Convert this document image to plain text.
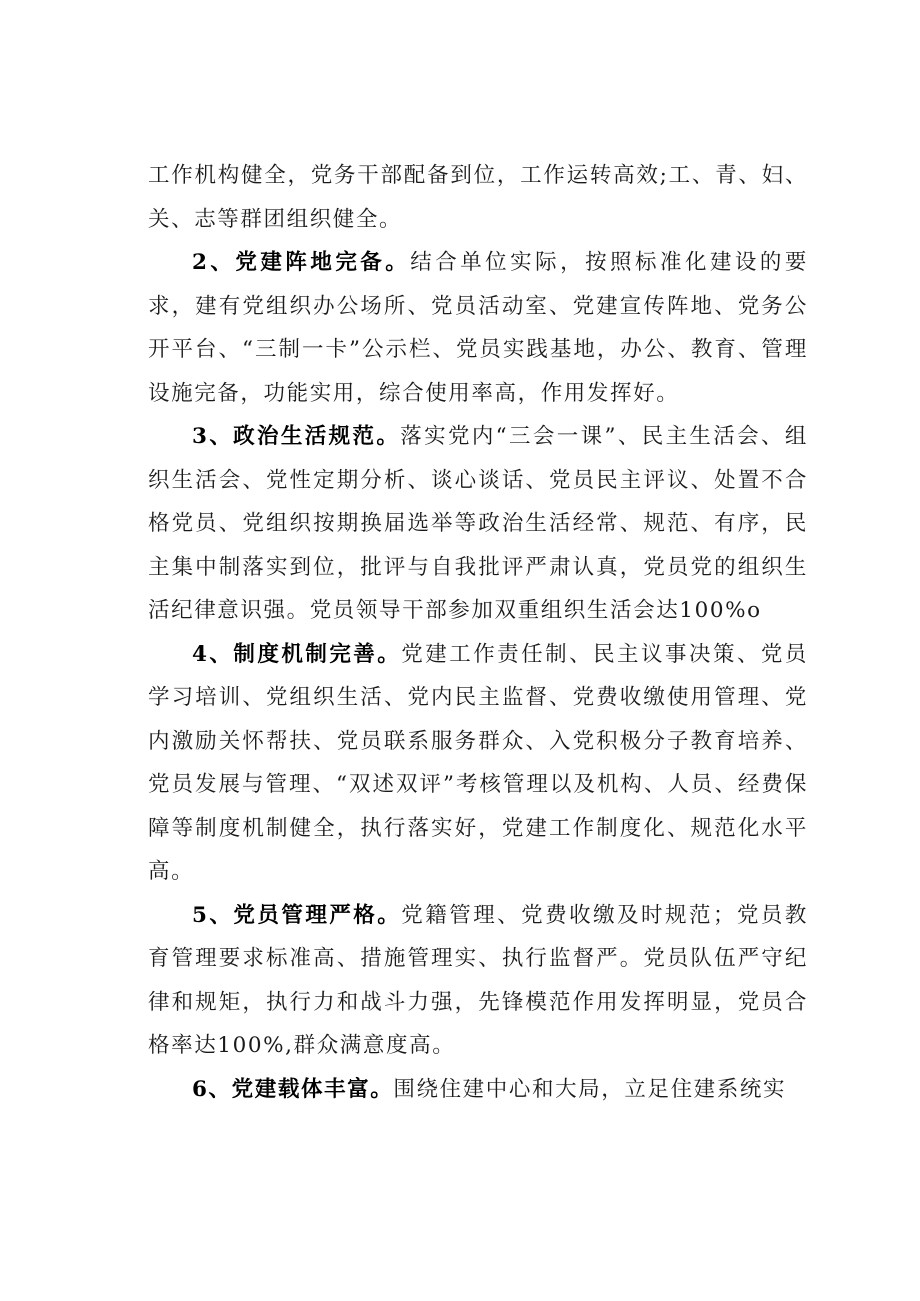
工作机构健全，党务干部配备到位，工作运转高效;工、青、妇、关、志等群团组织健全。

2、党建阵地完备。结合单位实际，按照标准化建设的要求，建有党组织办公场所、党员活动室、党建宣传阵地、党务公开平台、“三制一卡”公示栏、党员实践基地，办公、教育、管理设施完备，功能实用，综合使用率高，作用发挥好。

3、政治生活规范。落实党内“三会一课”、民主生活会、组织生活会、党性定期分析、谈心谈话、党员民主评议、处置不合格党员、党组织按期换届选举等政治生活经常、规范、有序，民主集中制落实到位，批评与自我批评严肃认真，党员党的组织生活纪律意识强。党员领导干部参加双重组织生活会达100%o

4、制度机制完善。党建工作责任制、民主议事决策、党员学习培训、党组织生活、党内民主监督、党费收缴使用管理、党内激励关怀帮扶、党员联系服务群众、入党积极分子教育培养、党员发展与管理、“双述双评”考核管理以及机构、人员、经费保障等制度机制健全，执行落实好，党建工作制度化、规范化水平高。

5、党员管理严格。党籍管理、党费收缴及时规范；党员教育管理要求标准高、措施管理实、执行监督严。党员队伍严守纪律和规矩，执行力和战斗力强，先锋模范作用发挥明显，党员合格率达100%,群众满意度高。

6、党建载体丰富。围绕住建中心和大局，立足住建系统实
